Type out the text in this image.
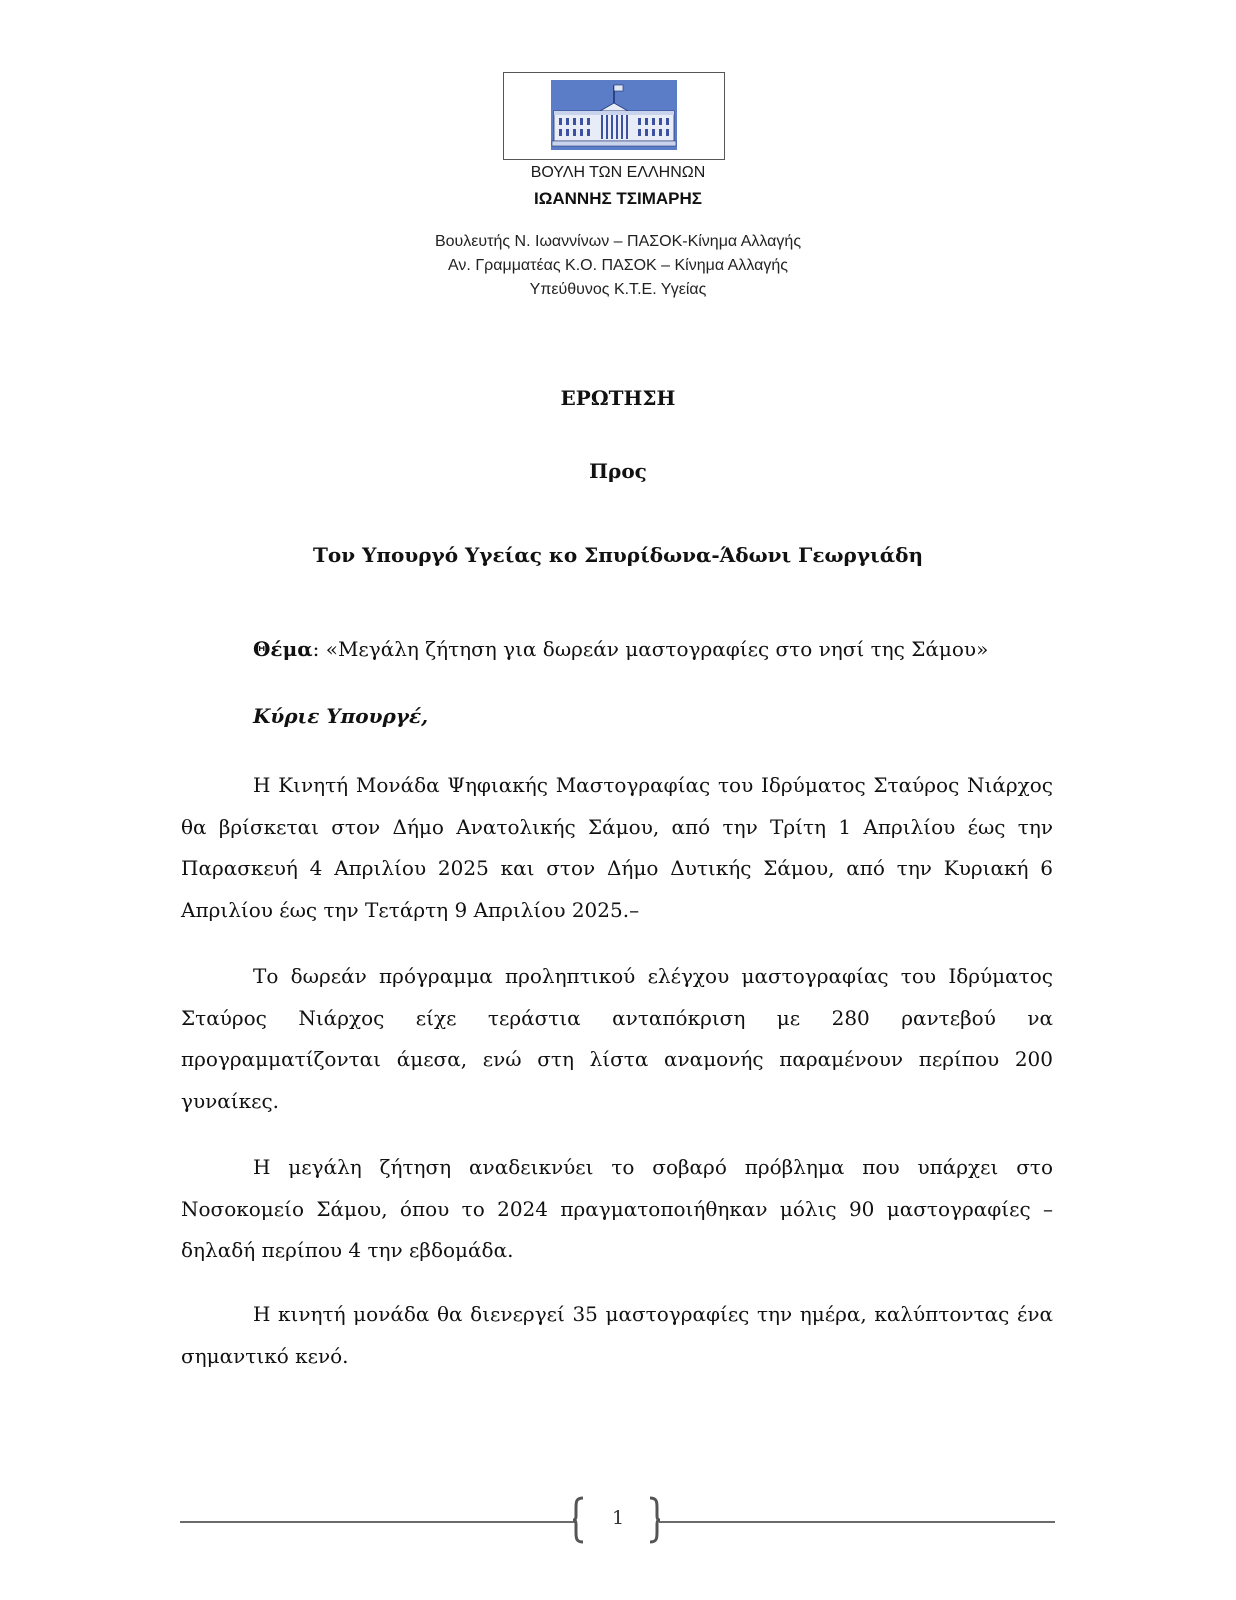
ΒΟΥΛΗ ΤΩΝ ΕΛΛΗΝΩΝ
ΙΩΑΝΝΗΣ ΤΣΙΜΑΡΗΣ
Βουλευτής Ν. Ιωαννίνων – ΠΑΣΟΚ-Κίνημα Αλλαγής
Αν. Γραμματέας Κ.Ο. ΠΑΣΟΚ – Κίνημα Αλλαγής
Υπεύθυνος Κ.Τ.Ε. Υγείας
ΕΡΩΤΗΣΗ
Προς
Τον Υπουργό Υγείας κο Σπυρίδωνα-Άδωνι Γεωργιάδη
Θέμα: «Μεγάλη ζήτηση για δωρεάν μαστογραφίες στο νησί της Σάμου»
Κύριε Υπουργέ,

Η Κινητή Μονάδα Ψηφιακής Μαστογραφίας του Ιδρύματος Σταύρος Νιάρχος θα βρίσκεται στον Δήμο Ανατολικής Σάμου, από την Τρίτη 1 Απριλίου έως την Παρασκευή 4 Απριλίου 2025 και στον Δήμο Δυτικής Σάμου, από την Κυριακή 6 Απριλίου έως την Τετάρτη 9 Απριλίου 2025.–

Το δωρεάν πρόγραμμα προληπτικού ελέγχου μαστογραφίας του Ιδρύματος Σταύρος Νιάρχος είχε τεράστια ανταπόκριση με 280 ραντεβού να προγραμματίζονται άμεσα, ενώ στη λίστα αναμονής παραμένουν περίπου 200 γυναίκες.

Η μεγάλη ζήτηση αναδεικνύει το σοβαρό πρόβλημα που υπάρχει στο Νοσοκομείο Σάμου, όπου το 2024 πραγματοποιήθηκαν μόλις 90 μαστογραφίες – δηλαδή περίπου 4 την εβδομάδα.

Η κινητή μονάδα θα διενεργεί 35 μαστογραφίες την ημέρα, καλύπτοντας ένα σημαντικό κενό.

1
